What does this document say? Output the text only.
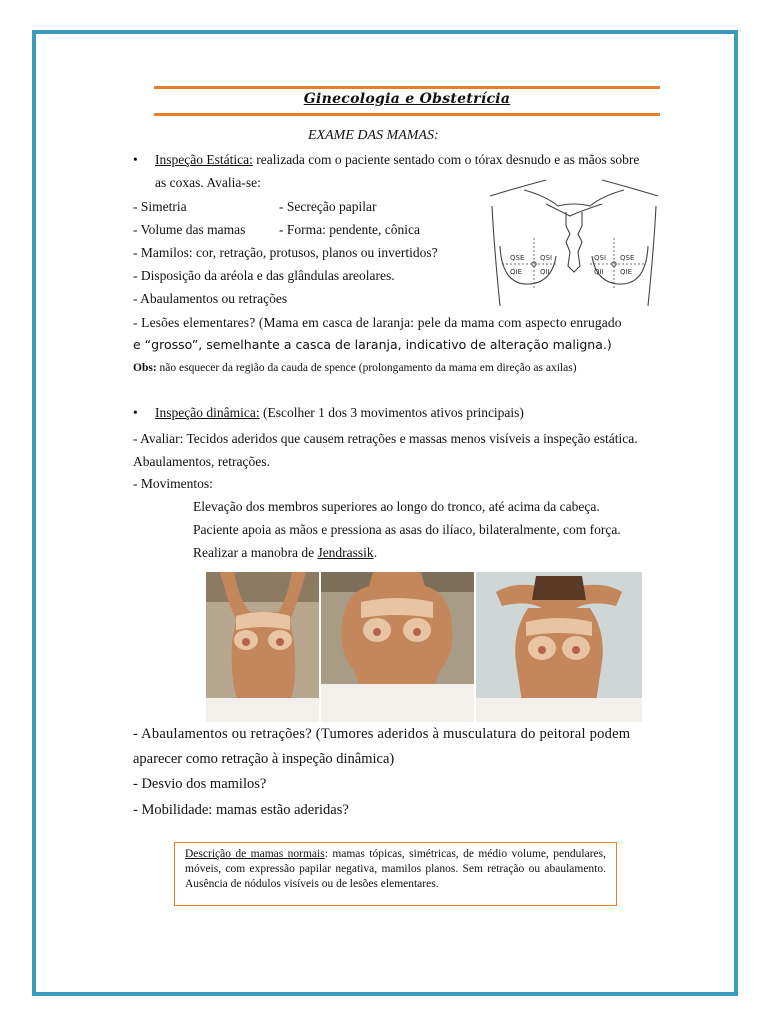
Ginecologia e Obstetrícia
EXAME DAS MAMAS:
• Inspeção Estática: realizada com o paciente sentado com o tórax desnudo e as mãos sobre
as coxas. Avalia-se:
- Simetria	- Secreção papilar
- Volume das mamas - Forma: pendente, cônica
- Mamilos: cor, retração, protusos, planos ou invertidos?
- Disposição da aréola e das glândulas areolares.
- Abaulamentos ou retrações
- Lesões elementares? (Mama em casca de laranja: pele da mama com aspecto enrugado
e “grosso”, semelhante a casca de laranja, indicativo de alteração maligna.)
Obs: não esquecer da região da cauda de spence (prolongamento da mama em direção as axilas)
QSE QSI
QIE	QII
QSI QSE
QII QIE
• Inspeção dinâmica: (Escolher 1 dos 3 movimentos ativos principais)
- Avaliar: Tecidos aderidos que causem retrações e massas menos visíveis a inspeção estática.
Abaulamentos, retrações.
- Movimentos:
Elevação dos membros superiores ao longo do tronco, até acima da cabeça.
Paciente apoia as mãos e pressiona as asas do ilíaco, bilateralmente, com força.
Realizar a manobra de Jendrassik.
- Abaulamentos ou retrações? (Tumores aderidos à musculatura do peitoral podem
aparecer como retração à inspeção dinâmica)
- Desvio dos mamilos?
- Mobilidade: mamas estão aderidas?
Descrição de mamas normais: mamas tópicas, simétricas, de médio volume, pendulares, móveis, com expressão papilar negativa, mamilos planos. Sem retração ou abaulamento. Ausência de nódulos visíveis ou de lesões elementares.
